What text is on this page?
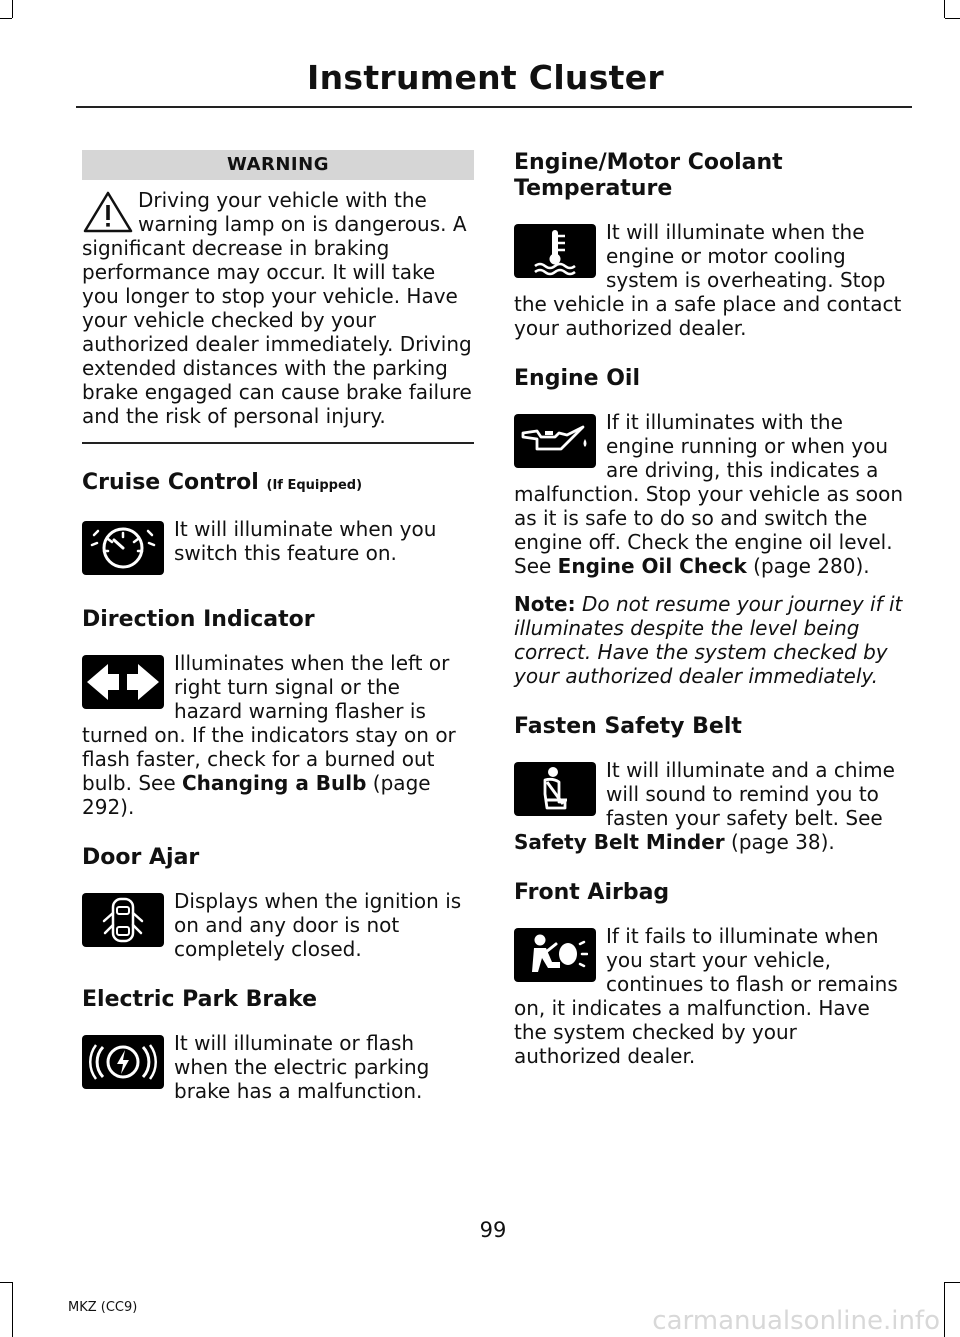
Instrument Cluster
WARNING
Driving your vehicle with the warning lamp on is dangerous. A significant decrease in braking performance may occur. It will take you longer to stop your vehicle. Have your vehicle checked by your authorized dealer immediately. Driving extended distances with the parking brake engaged can cause brake failure and the risk of personal injury.
Cruise Control (If Equipped)
It will illuminate when you switch this feature on.
Direction Indicator
Illuminates when the left or right turn signal or the hazard warning flasher is turned on. If the indicators stay on or flash faster, check for a burned out bulb. See Changing a Bulb (page 292).
Door Ajar
Displays when the ignition is on and any door is not completely closed.
Electric Park Brake
It will illuminate or flash when the electric parking brake has a malfunction.
Engine/Motor Coolant Temperature
It will illuminate when the engine or motor cooling system is overheating. Stop the vehicle in a safe place and contact your authorized dealer.
Engine Oil
If it illuminates with the engine running or when you are driving, this indicates a malfunction. Stop your vehicle as soon as it is safe to do so and switch the engine off. Check the engine oil level. See Engine Oil Check (page 280).
Note: Do not resume your journey if it illuminates despite the level being correct. Have the system checked by your authorized dealer immediately.
Fasten Safety Belt
It will illuminate and a chime will sound to remind you to fasten your safety belt. See Safety Belt Minder (page 38).
Front Airbag
If it fails to illuminate when you start your vehicle, continues to flash or remains on, it indicates a malfunction. Have the system checked by your authorized dealer.
99
MKZ (CC9)	carmanualsonline.info
